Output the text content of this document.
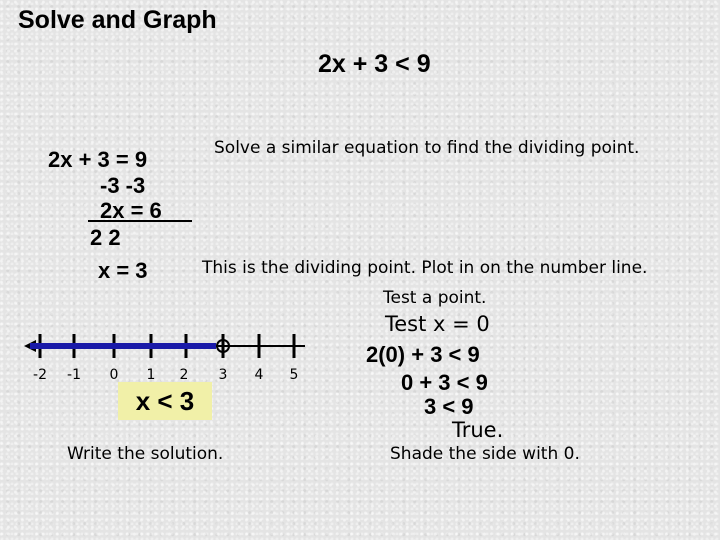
Solve and Graph
2x + 3 < 9
2x + 3 = 9
-3 -3
2x = 6
2 2
x = 3
Solve a similar equation to find the dividing point.
This is the dividing point. Plot in on the number line.
Test a point.
Test x = 0
2(0) + 3 < 9
0 + 3 < 9
3 < 9
True.
Write the solution.	Shade the side with 0.
x < 3
-2 -1 0 1 2 3 4 5
